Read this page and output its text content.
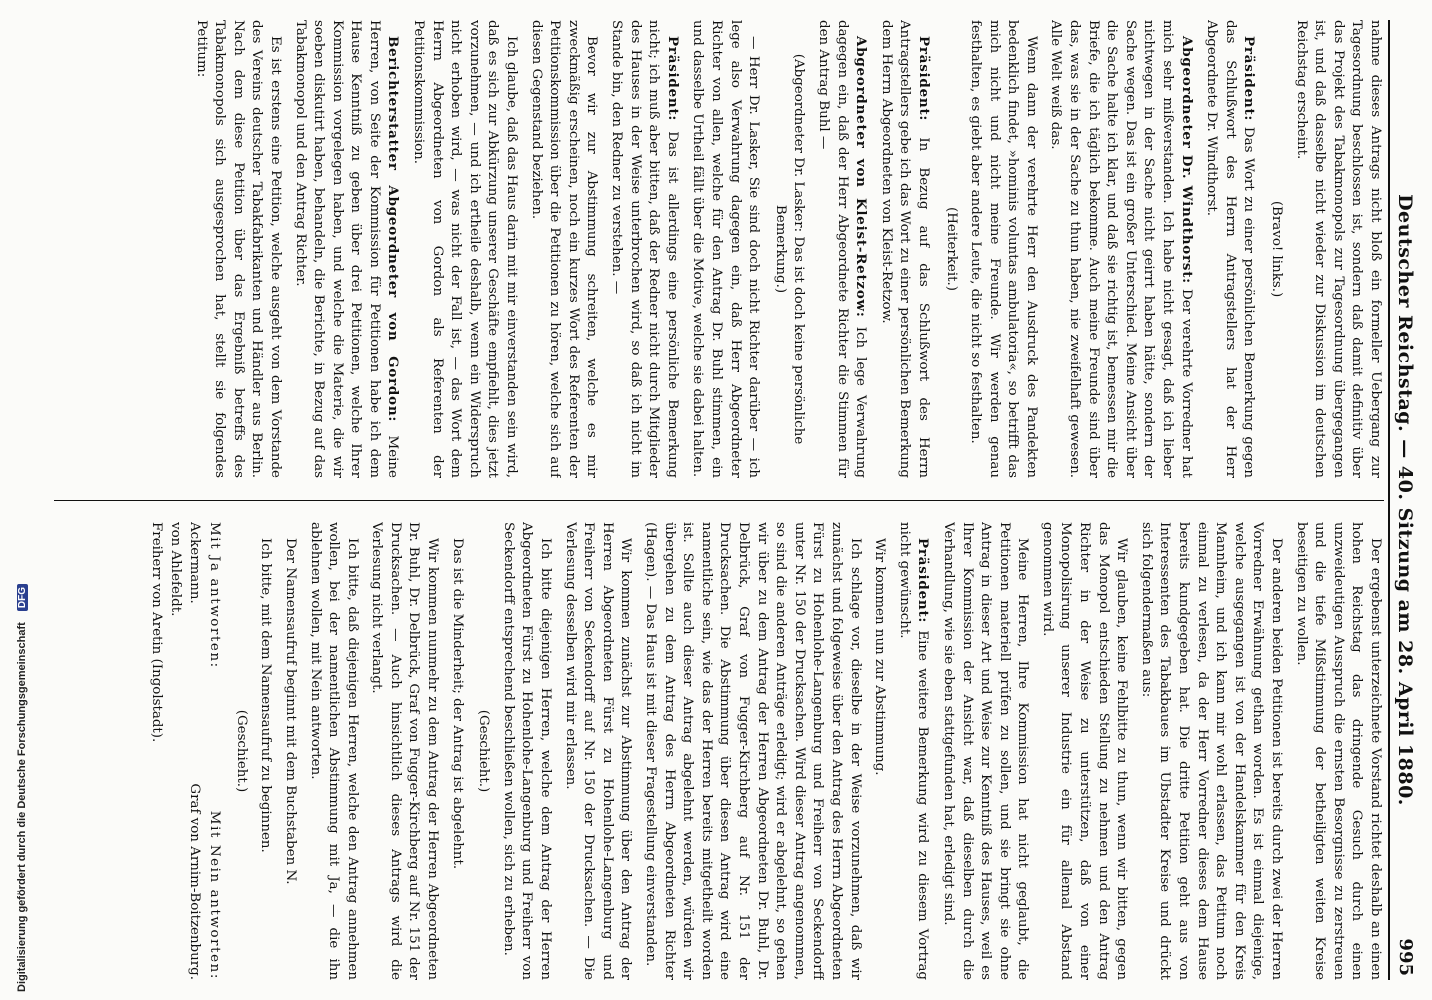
Deutscher Reichstag. — 40. Sitzung am 28. April 1880.
995

nahme dieses Antrags nicht bloß ein formeller Uebergang zur Tagesordnung beschlossen ist, sondern daß damit definitiv über das Projekt des Tabakmonopols zur Tagesordnung übergegangen ist, und daß dasselbe nicht wieder zur Diskussion im deutschen Reichstag erscheint.

(Bravo! links.)

Präsident: Das Wort zu einer persönlichen Bemerkung gegen das Schlußwort des Herrn Antragstellers hat der Herr Abgeordnete Dr. Windthorst.

Abgeordneter Dr. Windthorst: Der verehrte Vorredner hat mich sehr mißverstanden. Ich habe nicht gesagt, daß ich lieber nichtwegen in der Sache nicht geirrt haben hätte, sondern der Sache wegen. Das ist ein großer Unterschied. Meine Ansicht über die Sache halte ich klar, und daß sie richtig ist, bemessen mir die Briefe, die ich täglich bekomme. Auch meine Freunde sind über das, was sie in der Sache zu thun haben, nie zweifelhaft gewesen. Alle Welt weiß das.

Wenn dann der verehrte Herr den Ausdruck des Pandekten bedenklich findet, »hominis voluntas ambulatoria«, so betrifft das mich nicht und nicht meine Freunde. Wir werden genau festhalten, es giebt aber andere Leute, die nicht so festhalten.

(Heiterkeit.)

Präsident: In Bezug auf das Schlußwort des Herrn Antragstellers gebe ich das Wort zu einer persönlichen Bemerkung dem Herrn Abgeordneten von Kleist-Retzow.

Abgeordneter von Kleist-Retzow: Ich lege Verwahrung dagegen ein, daß der Herr Abgeordnete Richter die Stimmen für den Antrag Buhl —

(Abgeordneter Dr. Lasker: Das ist doch keine persönliche Bemerkung.)

— Herr Dr. Lasker, Sie sind doch nicht Richter darüber — ich lege also Verwahrung dagegen ein, daß Herr Abgeordneter Richter von allen, welche für den Antrag Dr. Buhl stimmen, ein und dasselbe Urtheil fällt über die Motive, welche sie dabei halten.

Präsident: Das ist allerdings eine persönliche Bemerkung nicht; ich muß aber bitten, daß der Redner nicht durch Mitglieder des Hauses in der Weise unterbrochen wird, so daß ich nicht im Stande bin, den Redner zu verstehen. —

Bevor wir zur Abstimmung schreiten, welche es mir zweckmäßig erscheinen, noch ein kurzes Wort des Referenten der Petitionskommission über die Petitionen zu hören, welche sich auf diesen Gegenstand beziehen.

Ich glaube, daß das Haus darin mit mir einverstanden sein wird, daß es sich zur Abkürzung unserer Geschäfte empfiehlt, dies jetzt vorzunehmen, — und ich ertheile deshalb, wenn ein Widerspruch nicht erhoben wird, — was nicht der Fall ist, — das Wort dem Herrn Abgeordneten von Gordon als Referenten der Petitionskommission.

Berichterstatter Abgeordneter von Gordon: Meine Herren, von Seite der Kommission für Petitionen habe ich dem Hause Kenntniß zu geben über drei Petitionen, welche Ihrer Kommission vorgelegen haben, und welche die Materie, die wir soeben diskutirt haben, behandeln, die Berichte, in Bezug auf das Tabakmonopol und den Antrag Richter.

Es ist erstens eine Petition, welche ausgeht von dem Vorstande des Vereins deutscher Tabakfabrikanten und Händler aus Berlin. Nach dem diese Petition über das Ergebniß betreffs des Tabakmonopols sich ausgesprochen hat, stellt sie folgendes Petitum:

Der ergebenst unterzeichnete Vorstand richtet deshalb an einen hohen Reichstag das dringende Gesuch durch einen unzweideutigen Ausspruch die ernsten Besorgnisse zu zerstreuen und die tiefe Mißstimmung der betheiligten weiten Kreise beseitigen zu wollen.

Der anderen beiden Petitionen ist bereits durch zwei der Herren Vorredner Erwähnung gethan worden. Es ist einmal diejenige, welche ausgegangen ist von der Handelskammer für den Kreis Mannheim, und ich kann mir wohl erlassen, das Petitum noch einmal zu verlesen, da der Herr Vorredner dieses dem Hause bereits kundgegeben hat. Die dritte Petition geht aus von Interessenten des Tabakbaues im Ubstadter Kreise und drückt sich folgendermaßen aus:

Wir glauben, keine Fehlbitte zu thun, wenn wir bitten, gegen das Monopol entschieden Stellung zu nehmen und den Antrag Richter in der Weise zu unterstützen, daß von einer Monopolisirung unserer Industrie ein für allemal Abstand genommen wird.

Meine Herren, Ihre Kommission hat nicht geglaubt, die Petitionen materiell prüfen zu sollen, und sie bringt sie ohne Antrag in dieser Art und Weise zur Kenntniß des Hauses, weil es Ihrer Kommission der Ansicht war, daß dieselben durch die Verhandlung, wie sie eben stattgefunden hat, erledigt sind.

Präsident: Eine weitere Bemerkung wird zu diesem Vortrag nicht gewünscht.

Wir kommen nun zur Abstimmung.

Ich schlage vor, dieselbe in der Weise vorzunehmen, daß wir zunächst und folgeweise über den Antrag des Herrn Abgeordneten Fürst zu Hohenlohe-Langenburg und Freiherr von Seckendorff unter Nr. 150 der Drucksachen. Wird dieser Antrag angenommen, so sind die anderen Anträge erledigt; wird er abgelehnt, so gehen wir über zu dem Antrag der Herren Abgeordneten Dr. Buhl, Dr. Delbrück, Graf von Fugger-Kirchberg auf Nr. 151 der Drucksachen. Die Abstimmung über diesen Antrag wird eine namentliche sein, wie das der Herren bereits mitgetheilt worden ist. Sollte auch dieser Antrag abgelehnt werden, würden wir übergehen zu dem Antrag des Herrn Abgeordneten Richter (Hagen). — Das Haus ist mit dieser Fragestellung einverstanden.

Wir kommen zunächst zur Abstimmung über den Antrag der Herren Abgeordneten Fürst zu Hohenlohe-Langenburg und Freiherr von Seckendorff auf Nr. 150 der Drucksachen. — Die Verlesung desselben wird mir erlassen.

Ich bitte diejenigen Herren, welche dem Antrag der Herren Abgeordneten Fürst zu Hohenlohe-Langenburg und Freiherr von Seckendorff entsprechend beschließen wollen, sich zu erheben.

(Geschieht.)

Das ist die Minderheit; der Antrag ist abgelehnt.

Wir kommen nunmehr zu dem Antrag der Herren Abgeordneten Dr. Buhl, Dr. Delbrück, Graf von Fugger-Kirchberg auf Nr. 151 der Drucksachen. — Auch hinsichtlich dieses Antrags wird die Verlesung nicht verlangt.

Ich bitte, daß diejenigen Herren, welche den Antrag annehmen wollen, bei der namentlichen Abstimmung mit Ja, — die ihn ablehnen wollen, mit Nein antworten.

Der Namensaufruf beginnt mit dem Buchstaben N.

Ich bitte, mit dem Namensaufruf zu beginnen.

(Geschieht.)

Mit Ja antworten:
Mit Nein antworten:
Ackermann.
Graf von Arnim-Boitzenburg.
von Ahlefeldt.
Freiherr von Aretin (Ingolstadt).
Digitalisierung gefördert durch die Deutsche Forschungsgemeinschaft DFG
